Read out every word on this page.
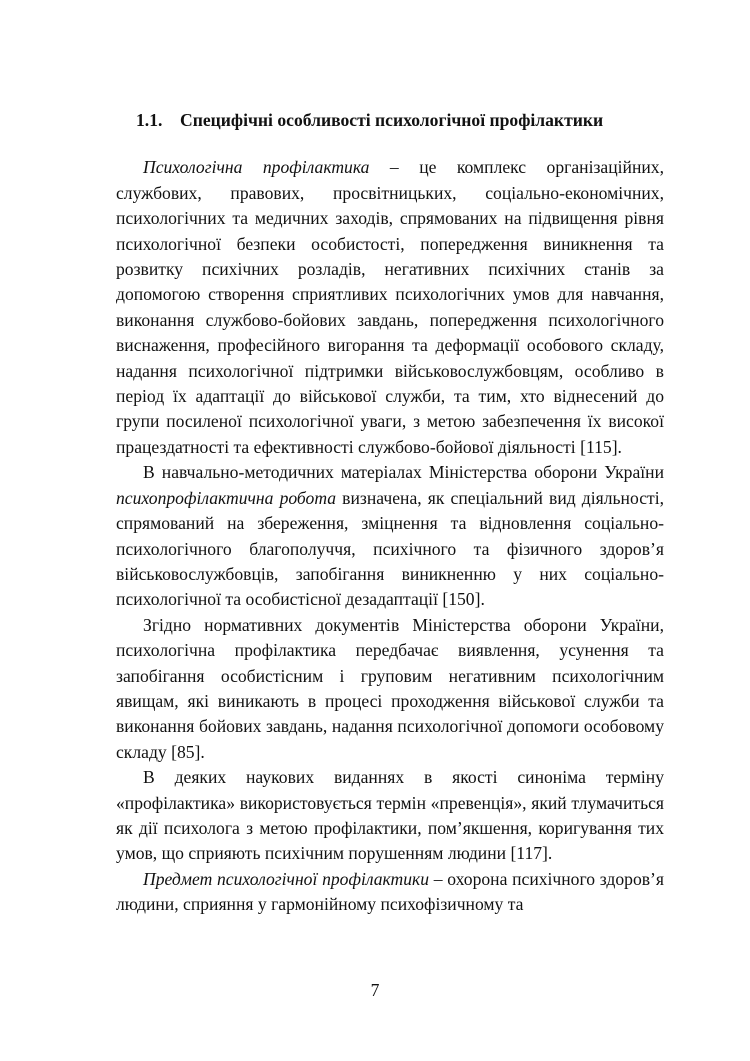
1.1. Специфічні особливості психологічної профілактики

Психологічна профілактика – це комплекс організаційних, службових, правових, просвітницьких, соціально-економічних, психологічних та медичних заходів, спрямованих на підвищення рівня психологічної безпеки особистості, попередження виникнення та розвитку психічних розладів, негативних психічних станів за допомогою створення сприятливих психологічних умов для навчання, виконання службово-бойових завдань, попередження психологічного виснаження, професійного вигорання та деформації особового складу, надання психологічної підтримки військовослужбовцям, особливо в період їх адаптації до військової служби, та тим, хто віднесений до групи посиленої психологічної уваги, з метою забезпечення їх високої працездатності та ефективності службово-бойової діяльності [115].

В навчально-методичних матеріалах Міністерства оборони України психопрофілактична робота визначена, як спеціальний вид діяльності, спрямований на збереження, зміцнення та відновлення соціально-психологічного благополуччя, психічного та фізичного здоров’я військовослужбовців, запобігання виникненню у них соціально-психологічної та особистісної дезадаптації [150].

Згідно нормативних документів Міністерства оборони України, психологічна профілактика передбачає виявлення, усунення та запобігання особистісним і груповим негативним психологічним явищам, які виникають в процесі проходження військової служби та виконання бойових завдань, надання психологічної допомоги особовому складу [85].

В деяких наукових виданнях в якості синоніма терміну «профілактика» використовується термін «превенція», який тлумачиться як дії психолога з метою профілактики, пом’якшення, коригування тих умов, що сприяють психічним порушенням людини [117].

Предмет психологічної профілактики – охорона психічного здоров’я людини, сприяння у гармонійному психофізичному та

7
